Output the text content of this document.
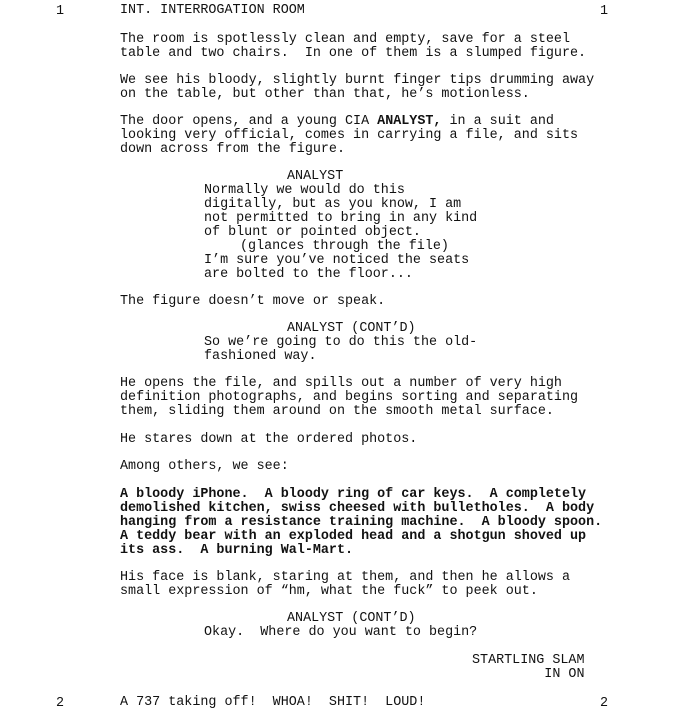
1	INT. INTERROGATION ROOM	1
The room is spotlessly clean and empty, save for a steel
table and two chairs.  In one of them is a slumped figure.
We see his bloody, slightly burnt finger tips drumming away
on the table, but other than that, he’s motionless.
The door opens, and a young CIA ANALYST, in a suit and
looking very official, comes in carrying a file, and sits
down across from the figure.
ANALYST
Normally we would do this
digitally, but as you know, I am
not permitted to bring in any kind
of blunt or pointed object.
(glances through the file)
I’m sure you’ve noticed the seats
are bolted to the floor...
The figure doesn’t move or speak.
ANALYST (CONT’D)
So we’re going to do this the old-
fashioned way.
He opens the file, and spills out a number of very high
definition photographs, and begins sorting and separating
them, sliding them around on the smooth metal surface.
He stares down at the ordered photos.
Among others, we see:
A bloody iPhone.  A bloody ring of car keys.  A completely
demolished kitchen, swiss cheesed with bulletholes.  A body
hanging from a resistance training machine.  A bloody spoon.
A teddy bear with an exploded head and a shotgun shoved up
its ass.  A burning Wal-Mart.
His face is blank, staring at them, and then he allows a
small expression of “hm, what the fuck” to peek out.
ANALYST (CONT’D)
Okay.  Where do you want to begin?
STARTLING SLAM
IN ON
2	A 737 taking off!  WHOA!  SHIT!  LOUD!	2
